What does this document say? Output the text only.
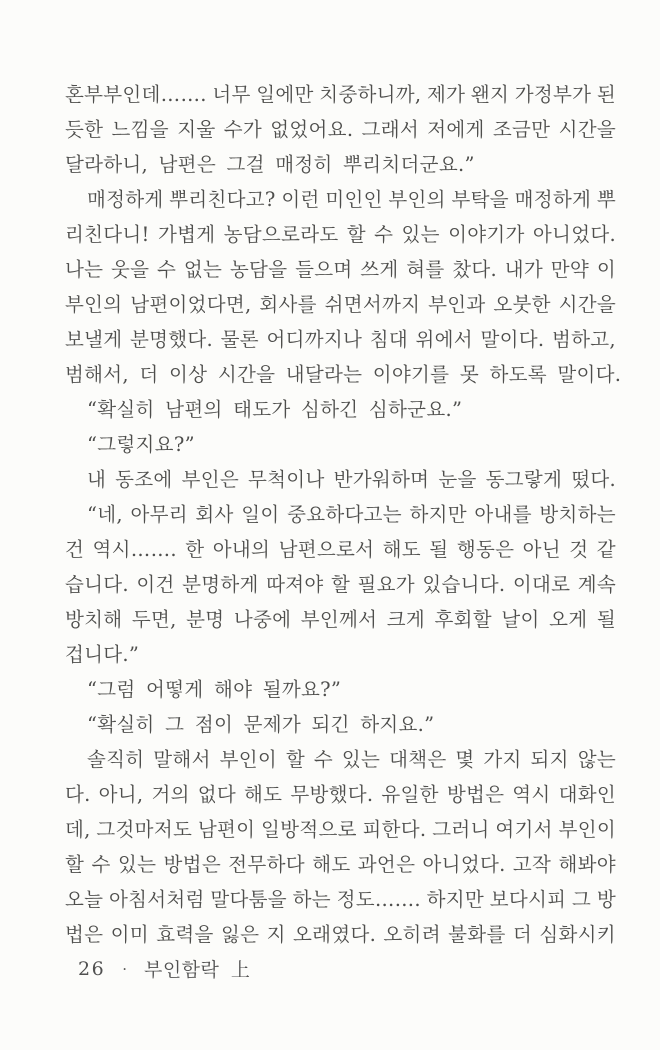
혼부부인데……. 너무 일에만 치중하니까, 제가 왠지 가정부가 된
듯한 느낌을 지울 수가 없었어요. 그래서 저에게 조금만 시간을
달라하니, 남편은 그걸 매정히 뿌리치더군요.”
매정하게 뿌리친다고? 이런 미인인 부인의 부탁을 매정하게 뿌
리친다니! 가볍게 농담으로라도 할 수 있는 이야기가 아니었다.
나는 웃을 수 없는 농담을 들으며 쓰게 혀를 찼다. 내가 만약 이
부인의 남편이었다면, 회사를 쉬면서까지 부인과 오붓한 시간을
보낼게 분명했다. 물론 어디까지나 침대 위에서 말이다. 범하고,
범해서, 더 이상 시간을 내달라는 이야기를 못 하도록 말이다.
“확실히 남편의 태도가 심하긴 심하군요.”
“그렇지요?”
내 동조에 부인은 무척이나 반가워하며 눈을 동그랗게 떴다.
“네, 아무리 회사 일이 중요하다고는 하지만 아내를 방치하는
건 역시……. 한 아내의 남편으로서 해도 될 행동은 아닌 것 같
습니다. 이건 분명하게 따져야 할 필요가 있습니다. 이대로 계속
방치해 두면, 분명 나중에 부인께서 크게 후회할 날이 오게 될
겁니다.”
“그럼 어떻게 해야 될까요?”
“확실히 그 점이 문제가 되긴 하지요.”
솔직히 말해서 부인이 할 수 있는 대책은 몇 가지 되지 않는
다. 아니, 거의 없다 해도 무방했다. 유일한 방법은 역시 대화인
데, 그것마저도 남편이 일방적으로 피한다. 그러니 여기서 부인이
할 수 있는 방법은 전무하다 해도 과언은 아니었다. 고작 해봐야
오늘 아침서처럼 말다툼을 하는 정도……. 하지만 보다시피 그 방
법은 이미 효력을 잃은 지 오래였다. 오히려 불화를 더 심화시키
26 · 부인함락 上
